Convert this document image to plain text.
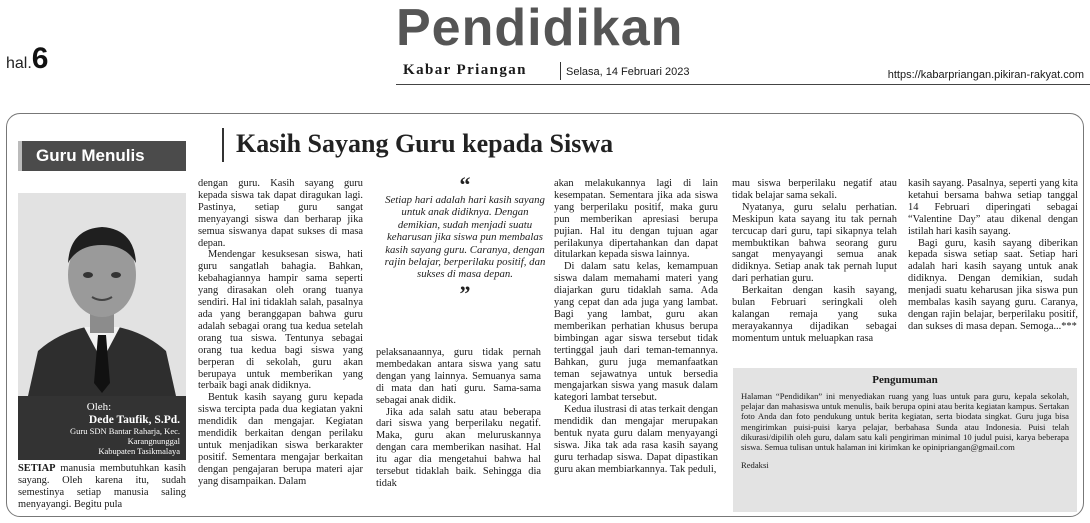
Pendidikan
hal.6	Kabar Priangan	Selasa, 14 Februari 2023	https://kabarpriangan.pikiran-rakyat.com
Guru Menulis	Kasih Sayang Guru kepada Siswa
Oleh:
Dede Taufik, S.Pd.
Guru SDN Bantar Raharja, Kec. Karangnunggal
Kabupaten Tasikmalaya

SETIAP manusia membutuhkan kasih sayang. Oleh karena itu, sudah semestinya setiap manusia saling menyayangi. Begitu pula

dengan guru. Kasih sayang guru kepada siswa tak dapat diragukan lagi. Pastinya, setiap guru sangat menyayangi siswa dan berharap jika semua siswanya dapat sukses di masa depan.

Mendengar kesuksesan siswa, hati guru sangatlah bahagia. Bahkan, kebahagiannya hampir sama seperti yang dirasakan oleh orang tuanya sendiri. Hal ini tidaklah salah, pasalnya ada yang beranggapan bahwa guru adalah sebagai orang tua kedua setelah orang tua siswa. Tentunya sebagai orang tua kedua bagi siswa yang berperan di sekolah, guru akan berupaya untuk memberikan yang terbaik bagi anak didiknya.

Bentuk kasih sayang guru kepada siswa tercipta pada dua kegiatan yakni mendidik dan mengajar. Kegiatan mendidik berkaitan dengan perilaku untuk menjadikan siswa berkarakter positif. Sementara mengajar berkaitan dengan pengajaran berupa materi ajar yang disampaikan. Dalam

“
Setiap hari adalah hari kasih sayang untuk anak didiknya. Dengan demikian, sudah menjadi suatu keharusan jika siswa pun membalas kasih sayang guru. Caranya, dengan rajin belajar, berperilaku positif, dan sukses di masa depan.
”

pelaksanaannya, guru tidak pernah membedakan antara siswa yang satu dengan yang lainnya. Semuanya sama di mata dan hati guru. Sama-sama sebagai anak didik.

Jika ada salah satu atau beberapa dari siswa yang berperilaku negatif. Maka, guru akan meluruskannya dengan cara memberikan nasihat. Hal itu agar dia mengetahui bahwa hal tersebut tidaklah baik. Sehingga dia tidak

akan melakukannya lagi di lain kesempatan. Sementara jika ada siswa yang berperilaku positif, maka guru pun memberikan apresiasi berupa pujian. Hal itu dengan tujuan agar perilakunya dipertahankan dan dapat ditularkan kepada siswa lainnya.

Di dalam satu kelas, kemampuan siswa dalam memahami materi yang diajarkan guru tidaklah sama. Ada yang cepat dan ada juga yang lambat. Bagi yang lambat, guru akan memberikan perhatian khusus berupa bimbingan agar siswa tersebut tidak tertinggal jauh dari teman-temannya. Bahkan, guru juga memanfaatkan teman sejawatnya untuk bersedia mengajarkan siswa yang masuk dalam kategori lambat tersebut.

Kedua ilustrasi di atas terkait dengan mendidik dan mengajar merupakan bentuk nyata guru dalam menyayangi siswa. Jika tak ada rasa kasih sayang guru terhadap siswa. Dapat dipastikan guru akan membiarkannya. Tak peduli,

mau siswa berperilaku negatif atau tidak belajar sama sekali.

Nyatanya, guru selalu perhatian. Meskipun kata sayang itu tak pernah tercucap dari guru, tapi sikapnya telah membuktikan bahwa seorang guru sangat menyayangi semua anak didiknya. Setiap anak tak pernah luput dari perhatian guru.

Berkaitan dengan kasih sayang, bulan Februari seringkali oleh kalangan remaja yang suka merayakannya dijadikan sebagai momentum untuk meluapkan rasa

kasih sayang. Pasalnya, seperti yang kita ketahui bersama bahwa setiap tanggal 14 Februari diperingati sebagai “Valentine Day” atau dikenal dengan istilah hari kasih sayang.

Bagi guru, kasih sayang diberikan kepada siswa setiap saat. Setiap hari adalah hari kasih sayang untuk anak didiknya. Dengan demikian, sudah menjadi suatu keharusan jika siswa pun membalas kasih sayang guru. Caranya, dengan rajin belajar, berperilaku positif, dan sukses di masa depan. Semoga...***

Pengumuman
Halaman “Pendidikan” ini menyediakan ruang yang luas untuk para guru, kepala sekolah, pelajar dan mahasiswa untuk menulis, baik berupa opini atau berita kegiatan kampus. Sertakan foto Anda dan foto pendukung untuk berita kegiatan, serta biodata singkat. Guru juga bisa mengirimkan puisi-puisi karya pelajar, berbahasa Sunda atau Indonesia. Puisi telah dikurasi/dipilih oleh guru, dalam satu kali pengiriman minimal 10 judul puisi, karya beberapa siswa. Semua tulisan untuk halaman ini kirimkan ke opinipriangan@gmail.com
Redaksi
